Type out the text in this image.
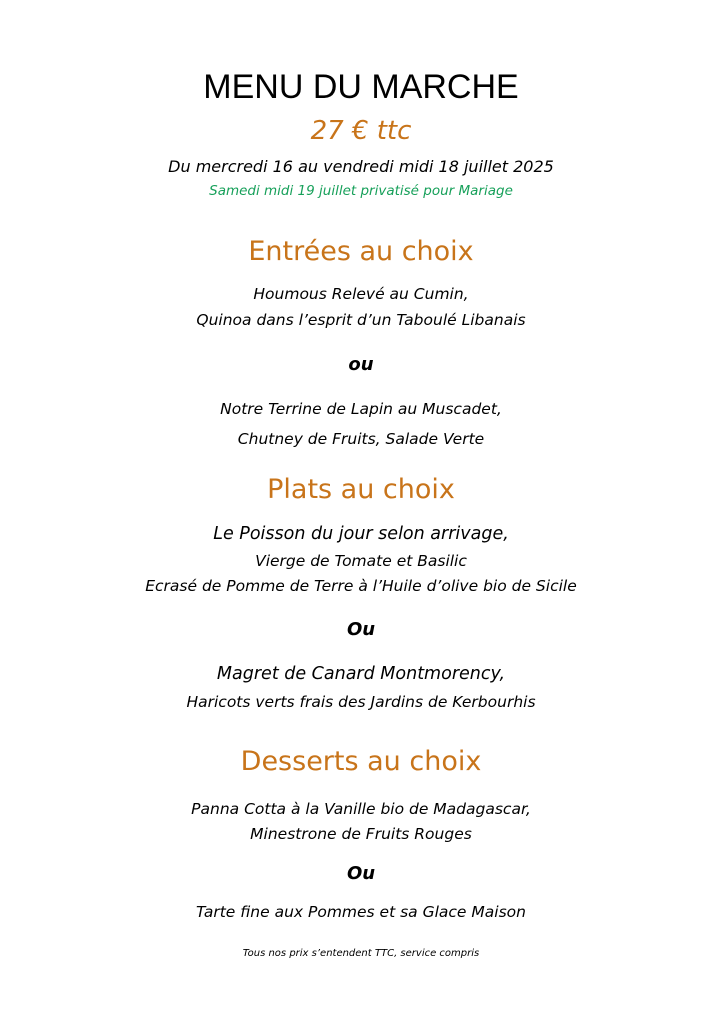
MENU DU MARCHE
27 € ttc
Du mercredi 16 au vendredi midi 18 juillet 2025
Samedi midi 19 juillet privatisé pour Mariage
Entrées au choix
Houmous Relevé au Cumin,
Quinoa dans l’esprit d’un Taboulé Libanais
ou
Notre Terrine de Lapin au Muscadet,
Chutney de Fruits, Salade Verte
Plats au choix
Le Poisson du jour selon arrivage,
Vierge de Tomate et Basilic
Ecrasé de Pomme de Terre à l’Huile d’olive bio de Sicile
Ou
Magret de Canard Montmorency,
Haricots verts frais des Jardins de Kerbourhis
Desserts au choix
Panna Cotta à la Vanille bio de Madagascar,
Minestrone de Fruits Rouges
Ou
Tarte fine aux Pommes et sa Glace Maison
Tous nos prix s’entendent TTC, service compris
